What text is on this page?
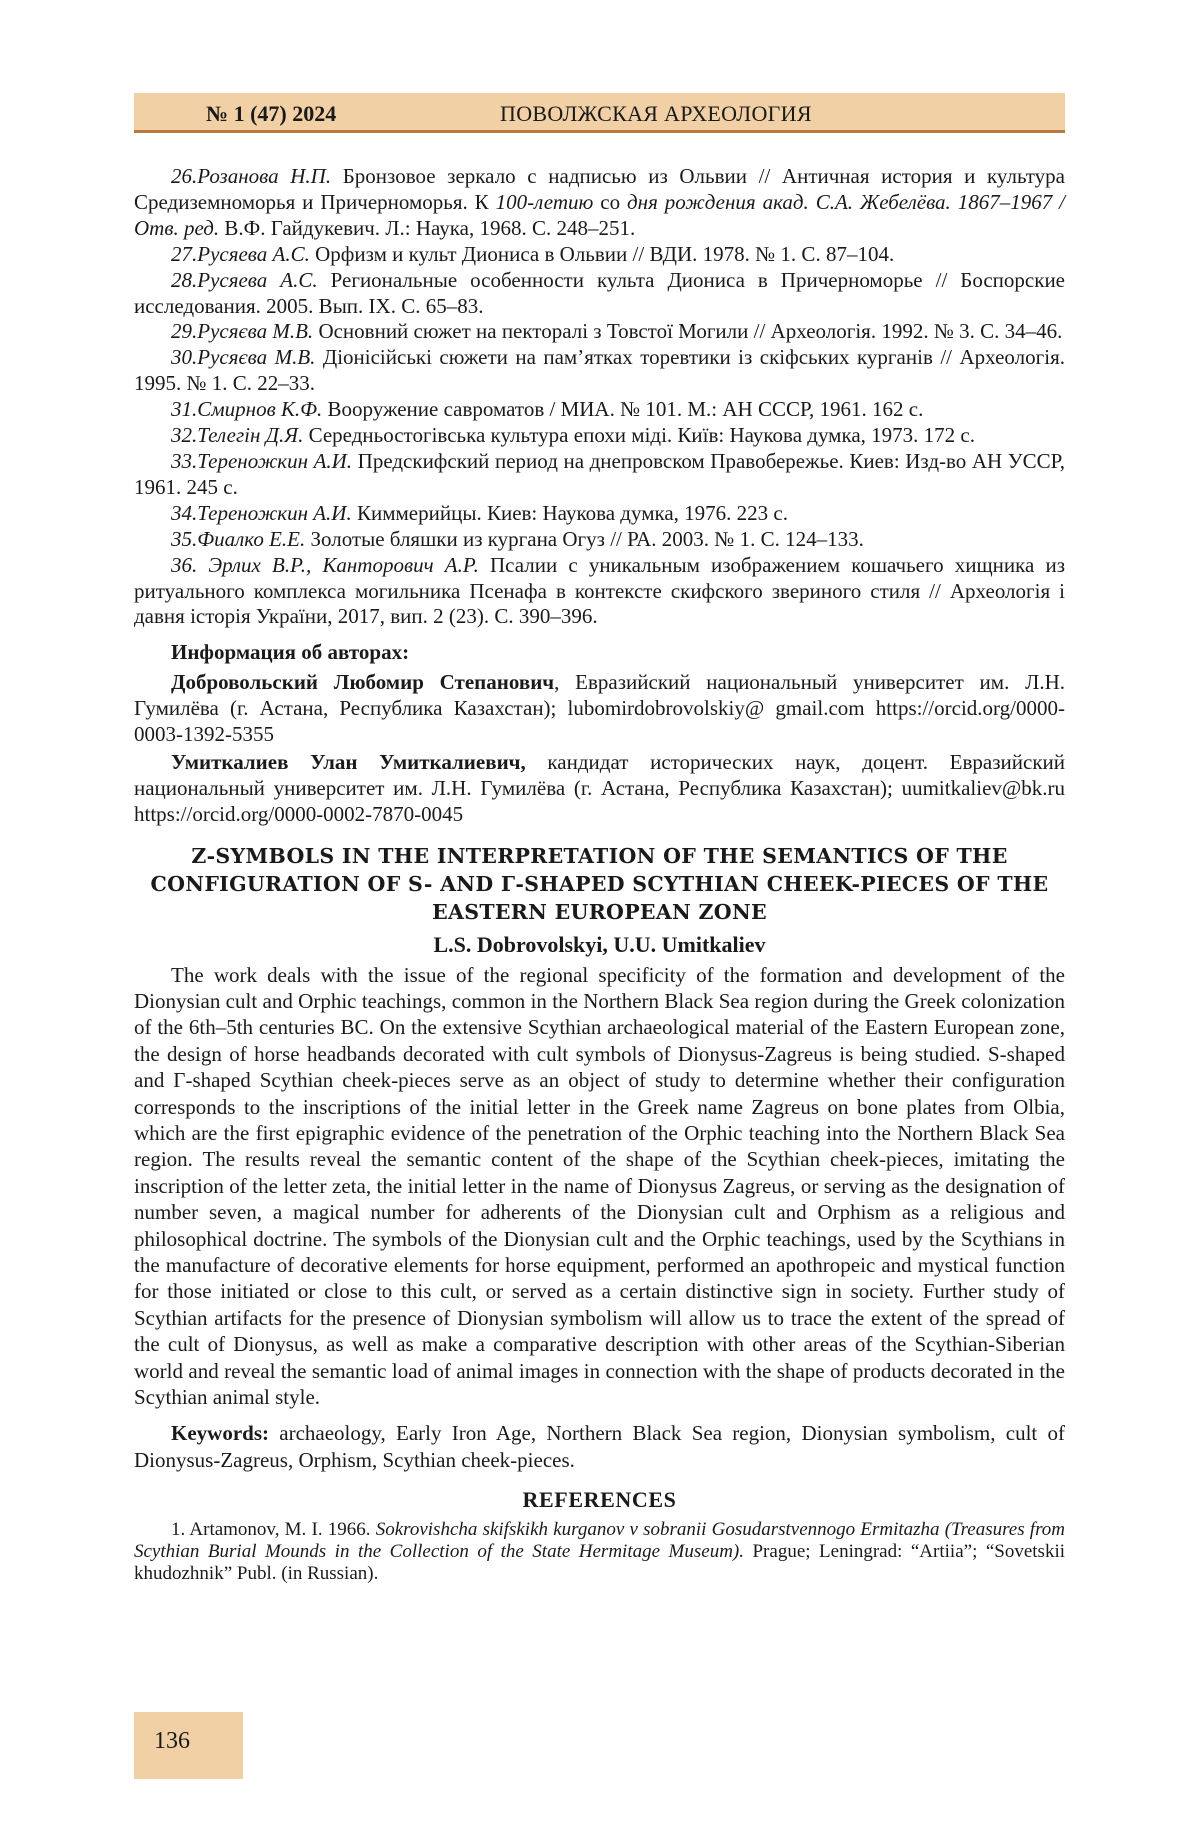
№ 1 (47) 2024	ПОВОЛЖСКАЯ АРХЕОЛОГИЯ

26.Розанова Н.П. Бронзовое зеркало с надписью из Ольвии // Античная история и культура Средиземноморья и Причерноморья. К 100-летию со дня рождения акад. С.А. Жебелёва. 1867–1967 / Отв. ред. В.Ф. Гайдукевич. Л.: Наука, 1968. С. 248–251.

27.Русяева А.С. Орфизм и культ Диониса в Ольвии // ВДИ. 1978. № 1. С. 87–104.

28.Русяева А.С. Региональные особенности культа Диониса в Причерноморье // Боспорские исследования. 2005. Вып. IX. С. 65–83.

29.Русяєва М.В. Основний сюжет на пекторалі з Товстої Могили // Археологія. 1992. № 3. С. 34–46.

30.Русяєва М.В. Діонісійські сюжети на пам’ятках торевтики із скіфських курганів // Археологія. 1995. № 1. С. 22–33.

31.Смирнов К.Ф. Вооружение савроматов / МИА. № 101. М.: АН СССР, 1961. 162 с.

32.Телегін Д.Я. Середньостогівська культура епохи міді. Київ: Наукова думка, 1973. 172 с.

33.Тереножкин А.И. Предскифский период на днепровском Правобережье. Киев: Изд-во АН УССР, 1961. 245 с.

34.Тереножкин А.И. Киммерийцы. Киев: Наукова думка, 1976. 223 с.

35.Фиалко Е.Е. Золотые бляшки из кургана Огуз // РА. 2003. № 1. С. 124–133.

36. Эрлих В.Р., Канторович А.Р. Псалии с уникальным изображением кошачьего хищника из ритуального комплекса могильника Псенафа в контексте скифского звериного стиля // Археологія і давня історія України, 2017, вип. 2 (23). С. 390–396.

Информация об авторах:

Добровольский Любомир Степанович, Евразийский национальный университет им. Л.Н. Гумилёва (г. Астана, Республика Казахстан); lubomirdobrovolskiy@ gmail.com https://orcid.org/0000-0003-1392-5355

Умиткалиев Улан Умиткалиевич, кандидат исторических наук, доцент. Евразийский национальный университет им. Л.Н. Гумилёва (г. Астана, Республика Казахстан); uumitkaliev@bk.ru https://orcid.org/0000-0002-7870-0045

Z-SYMBOLS IN THE INTERPRETATION OF THE SEMANTICS OF THE CONFIGURATION OF S- AND Г-SHAPED SCYTHIAN CHEEK-PIECES OF THE EASTERN EUROPEAN ZONE
L.S. Dobrovolskyi, U.U. Umitkaliev

The work deals with the issue of the regional specificity of the formation and development of the Dionysian cult and Orphic teachings, common in the Northern Black Sea region during the Greek colonization of the 6th–5th centuries BC. On the extensive Scythian archaeological material of the Eastern European zone, the design of horse headbands decorated with cult symbols of Dionysus-Zagreus is being studied. S-shaped and Г-shaped Scythian cheek-pieces serve as an object of study to determine whether their configuration corresponds to the inscriptions of the initial letter in the Greek name Zagreus on bone plates from Olbia, which are the first epigraphic evidence of the penetration of the Orphic teaching into the Northern Black Sea region. The results reveal the semantic content of the shape of the Scythian cheek-pieces, imitating the inscription of the letter zeta, the initial letter in the name of Dionysus Zagreus, or serving as the designation of number seven, a magical number for adherents of the Dionysian cult and Orphism as a religious and philosophical doctrine. The symbols of the Dionysian cult and the Orphic teachings, used by the Scythians in the manufacture of decorative elements for horse equipment, performed an apothropeic and mystical function for those initiated or close to this cult, or served as a certain distinctive sign in society. Further study of Scythian artifacts for the presence of Dionysian symbolism will allow us to trace the extent of the spread of the cult of Dionysus, as well as make a comparative description with other areas of the Scythian-Siberian world and reveal the semantic load of animal images in connection with the shape of products decorated in the Scythian animal style.

Keywords: archaeology, Early Iron Age, Northern Black Sea region, Dionysian symbolism, cult of Dionysus-Zagreus, Orphism, Scythian cheek-pieces.

REFERENCES

1. Artamonov, M. I. 1966. Sokrovishcha skifskikh kurganov v sobranii Gosudarstvennogo Ermitazha (Treasures from Scythian Burial Mounds in the Collection of the State Hermitage Museum). Prague; Leningrad: “Artiia”; “Sovetskii khudozhnik” Publ. (in Russian).

136
